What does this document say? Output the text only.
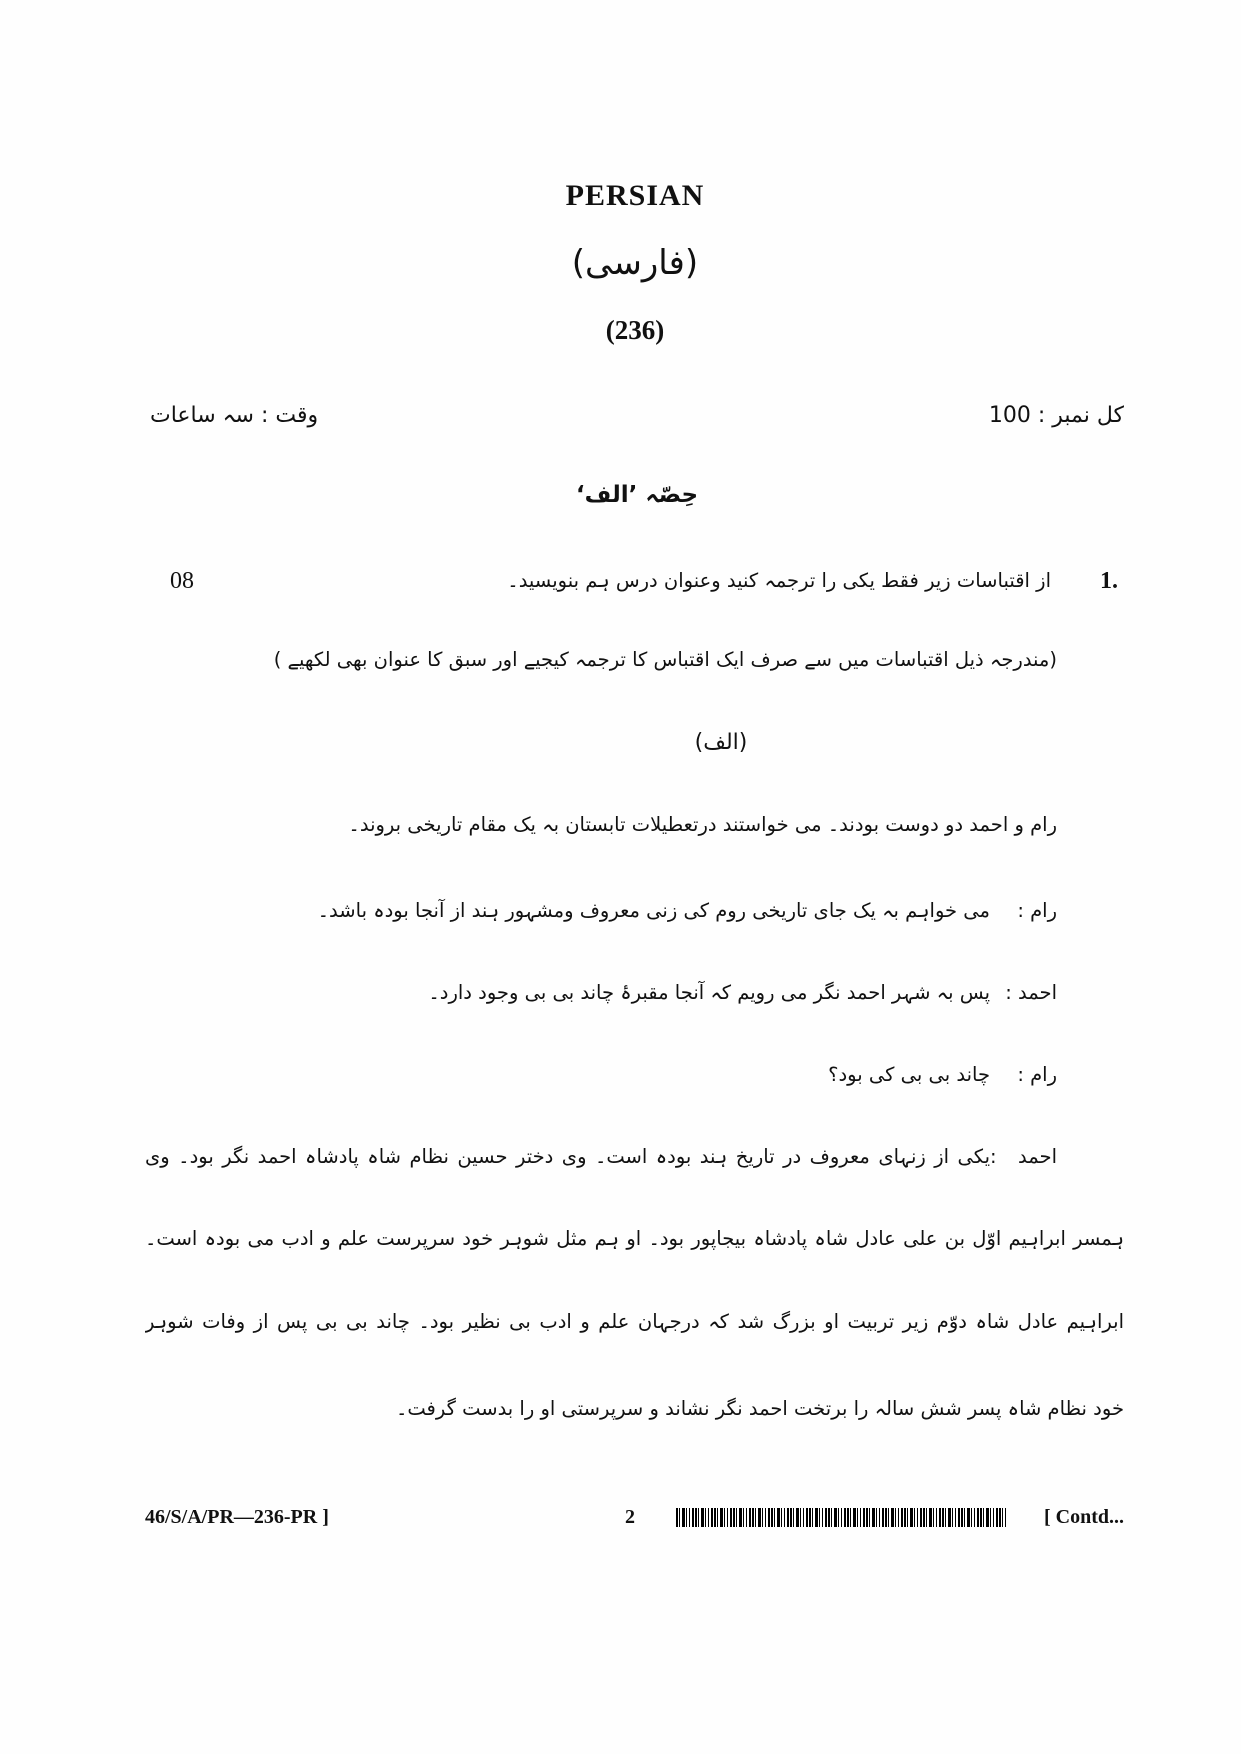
PERSIAN
(فارسی)
(236)
وقت : سہ ساعات	کل نمبر : 100
حِصّہ ’الف‘
08	1.
از اقتباسات زیر فقط یکی را ترجمہ کنید وعنوان درس ہم بنویسید۔
(مندرجہ ذیل اقتباسات میں سے صرف ایک اقتباس کا ترجمہ کیجیے اور سبق کا عنوان بھی لکھیے )
(الف)
رام و احمد دو دوست بودند۔ می خواستند درتعطیلات تابستان بہ یک مقام تاریخی بروند۔
رام :می خواہم بہ یک جای تاریخی روم کی زنی معروف ومشہور ہند از آنجا بودہ باشد۔
احمد :پس بہ شہر احمد نگر می رویم کہ آنجا مقبرۂ چاند بی بی وجود دارد۔
رام :چاند بی بی کی بود؟
احمد :یکی از زنہای معروف در تاریخ ہند بودہ است۔ وی دختر حسین نظام شاہ پادشاہ احمد نگر بود۔ وی
ہمسر ابراہیم اوّل بن علی عادل شاہ پادشاہ بیجاپور بود۔ او ہم مثل شوہر خود سرپرست علم و ادب می بودہ است۔
ابراہیم عادل شاہ دوّم زیر تربیت او بزرگ شد کہ درجہان علم و ادب بی نظیر بود۔ چاند بی بی پس از وفات شوہر
خود نظام شاہ پسر شش سالہ را برتخت احمد نگر نشاند و سرپرستی او را بدست گرفت۔
46/S/A/PR—236-PR ]	2	[ Contd...
